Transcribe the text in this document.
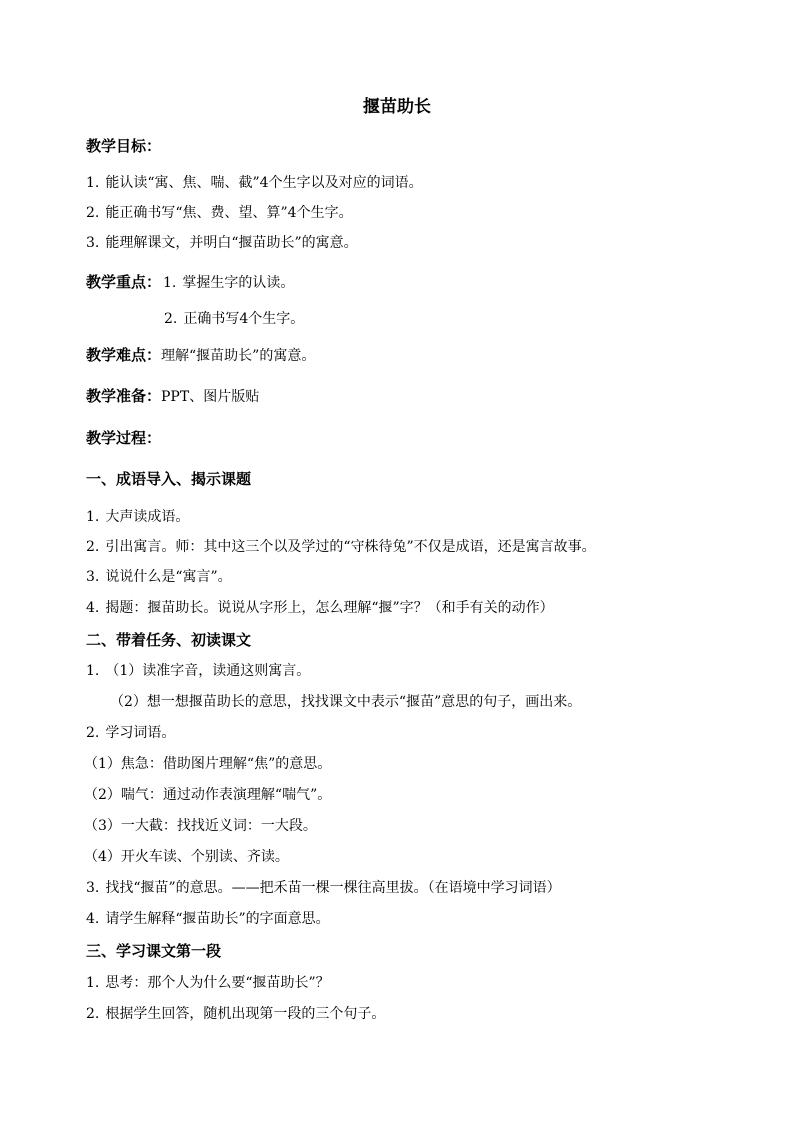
揠苗助长
教学目标：
1. 能认读“寓、焦、喘、截”4个生字以及对应的词语。
2. 能正确书写“焦、费、望、算”4个生字。
3. 能理解课文，并明白“揠苗助长”的寓意。
教学重点： 1. 掌握生字的认读。
2. 正确书写4个生字。
教学难点：理解“揠苗助长”的寓意。
教学准备：PPT、图片版贴
教学过程：
一、成语导入、揭示课题
1. 大声读成语。
2. 引出寓言。师：其中这三个以及学过的“守株待兔”不仅是成语，还是寓言故事。
3. 说说什么是“寓言”。
4. 揭题：揠苗助长。说说从字形上，怎么理解“揠”字？（和手有关的动作）
二、带着任务、初读课文
1. （1）读准字音，读通这则寓言。
（2）想一想揠苗助长的意思，找找课文中表示“揠苗”意思的句子，画出来。
2. 学习词语。
（1）焦急：借助图片理解“焦”的意思。
（2）喘气：通过动作表演理解“喘气”。
（3）一大截：找找近义词：一大段。
（4）开火车读、个别读、齐读。
3. 找找“揠苗”的意思。——把禾苗一棵一棵往高里拔。（在语境中学习词语）
4. 请学生解释“揠苗助长”的字面意思。
三、学习课文第一段
1. 思考：那个人为什么要“揠苗助长”？
2. 根据学生回答，随机出现第一段的三个句子。
